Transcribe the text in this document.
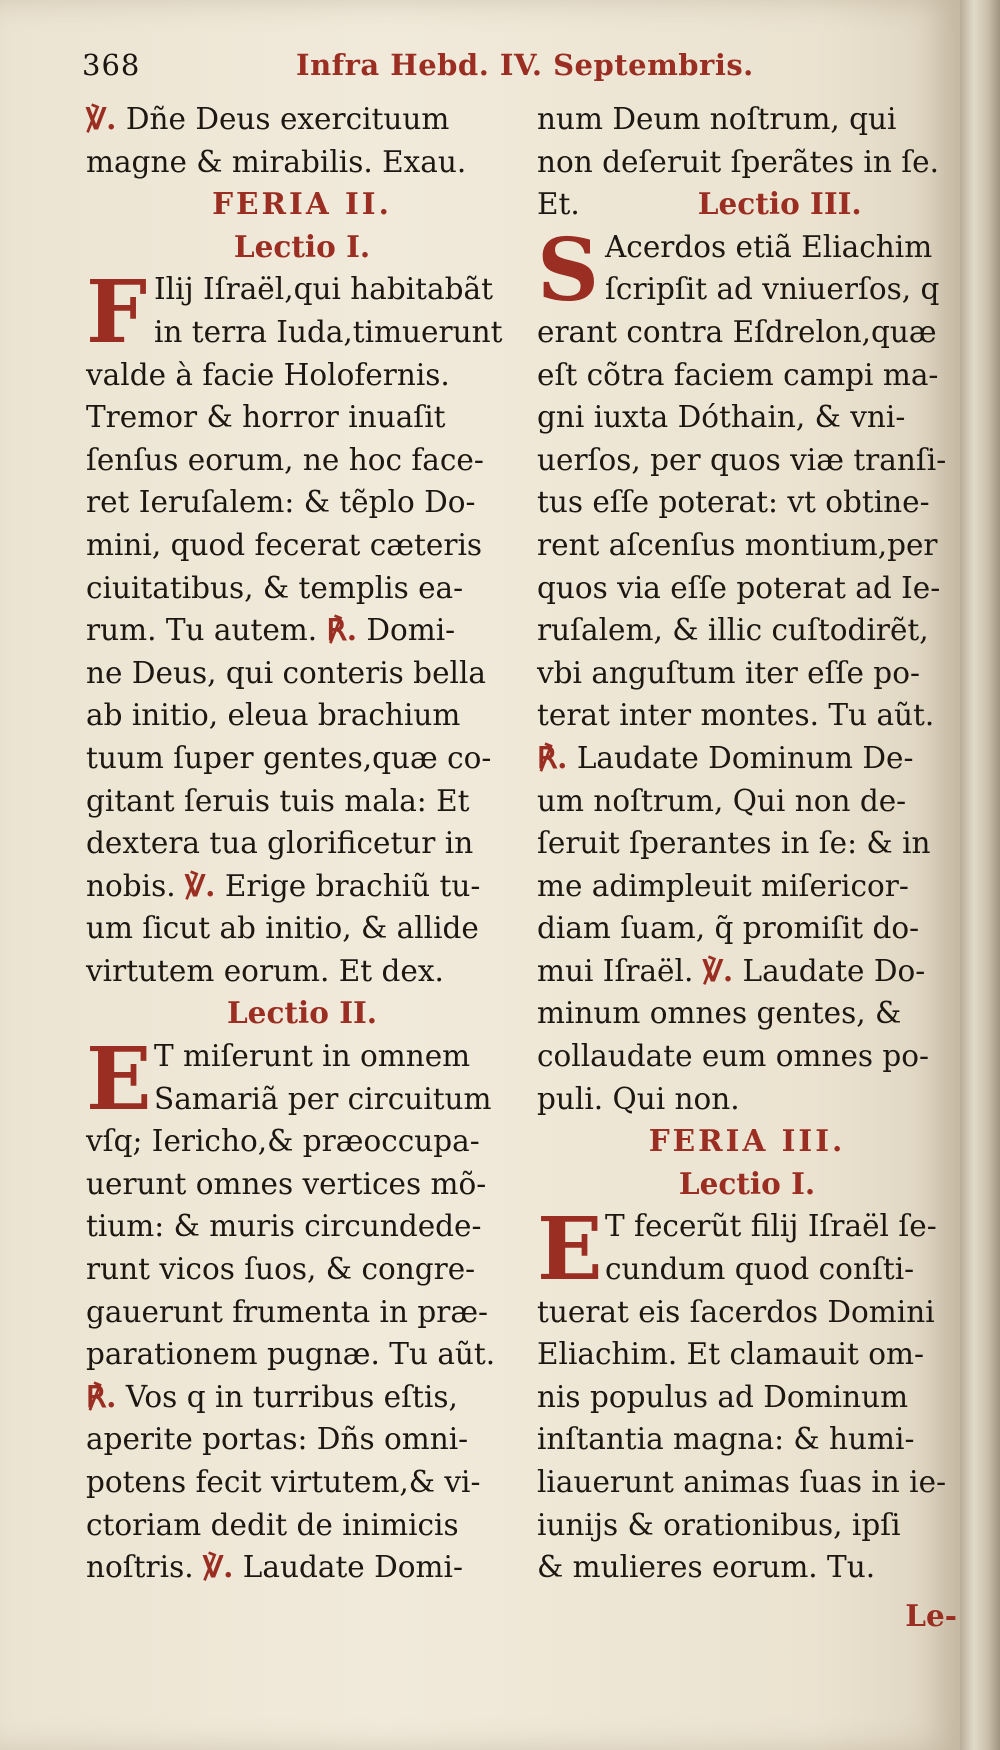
368	Infra Hebd. IV. Septembris.
℣. Dñe Deus exercituum
magne & mirabilis. Exau.
FERIA II.
Lectio I.
F Ilij Iſraël,qui habitabãt
in terra Iuda,timuerunt
valde à facie Holofernis.
Tremor & horror inuaſit
ſenſus eorum, ne hoc face-
ret Ieruſalem: & tẽplo Do-
mini, quod fecerat cæteris
ciuitatibus, & templis ea-
rum. Tu autem. ℟. Domi-
ne Deus, qui conteris bella
ab initio, eleua brachium
tuum ſuper gentes,quæ co-
gitant ſeruis tuis mala: Et
dextera tua glorificetur in
nobis. ℣. Erige brachiũ tu-
um ſicut ab initio, & allide
virtutem eorum. Et dex.
Lectio II.
E T miſerunt in omnem
Samariã per circuitum
vſq; Iericho,& præoccupa-
uerunt omnes vertices mõ-
tium: & muris circundede-
runt vicos ſuos, & congre-
gauerunt frumenta in præ-
parationem pugnæ. Tu aũt.
℟. Vos q in turribus eſtis,
aperite portas: Dñs omni-
potens fecit virtutem,& vi-
ctoriam dedit de inimicis
noſtris. ℣. Laudate Domi-
num Deum noſtrum, qui
non deſeruit ſperãtes in ſe.
Et.	Lectio III.
S Acerdos etiã Eliachim
ſcripſit ad vniuerſos, q
erant contra Eſdrelon,quæ
eſt cõtra faciem campi ma-
gni iuxta Dóthain, & vni-
uerſos, per quos viæ tranſi-
tus eſſe poterat: vt obtine-
rent aſcenſus montium,per
quos via eſſe poterat ad Ie-
ruſalem, & illic cuſtodirẽt,
vbi anguſtum iter eſſe po-
terat inter montes. Tu aũt.
℟. Laudate Dominum De-
um noſtrum, Qui non de-
ſeruit ſperantes in ſe: & in
me adimpleuit miſericor-
diam ſuam, q̃ promiſit do-
mui Iſraël. ℣. Laudate Do-
minum omnes gentes, &
collaudate eum omnes po-
puli. Qui non.
FERIA III.
Lectio I.
E T fecerũt filij Iſraël ſe-
cundum quod conſti-
tuerat eis ſacerdos Domini
Eliachim. Et clamauit om-
nis populus ad Dominum
inſtantia magna: & humi-
liauerunt animas ſuas in ie-
iunijs & orationibus, ipſi
& mulieres eorum. Tu.
Le-
